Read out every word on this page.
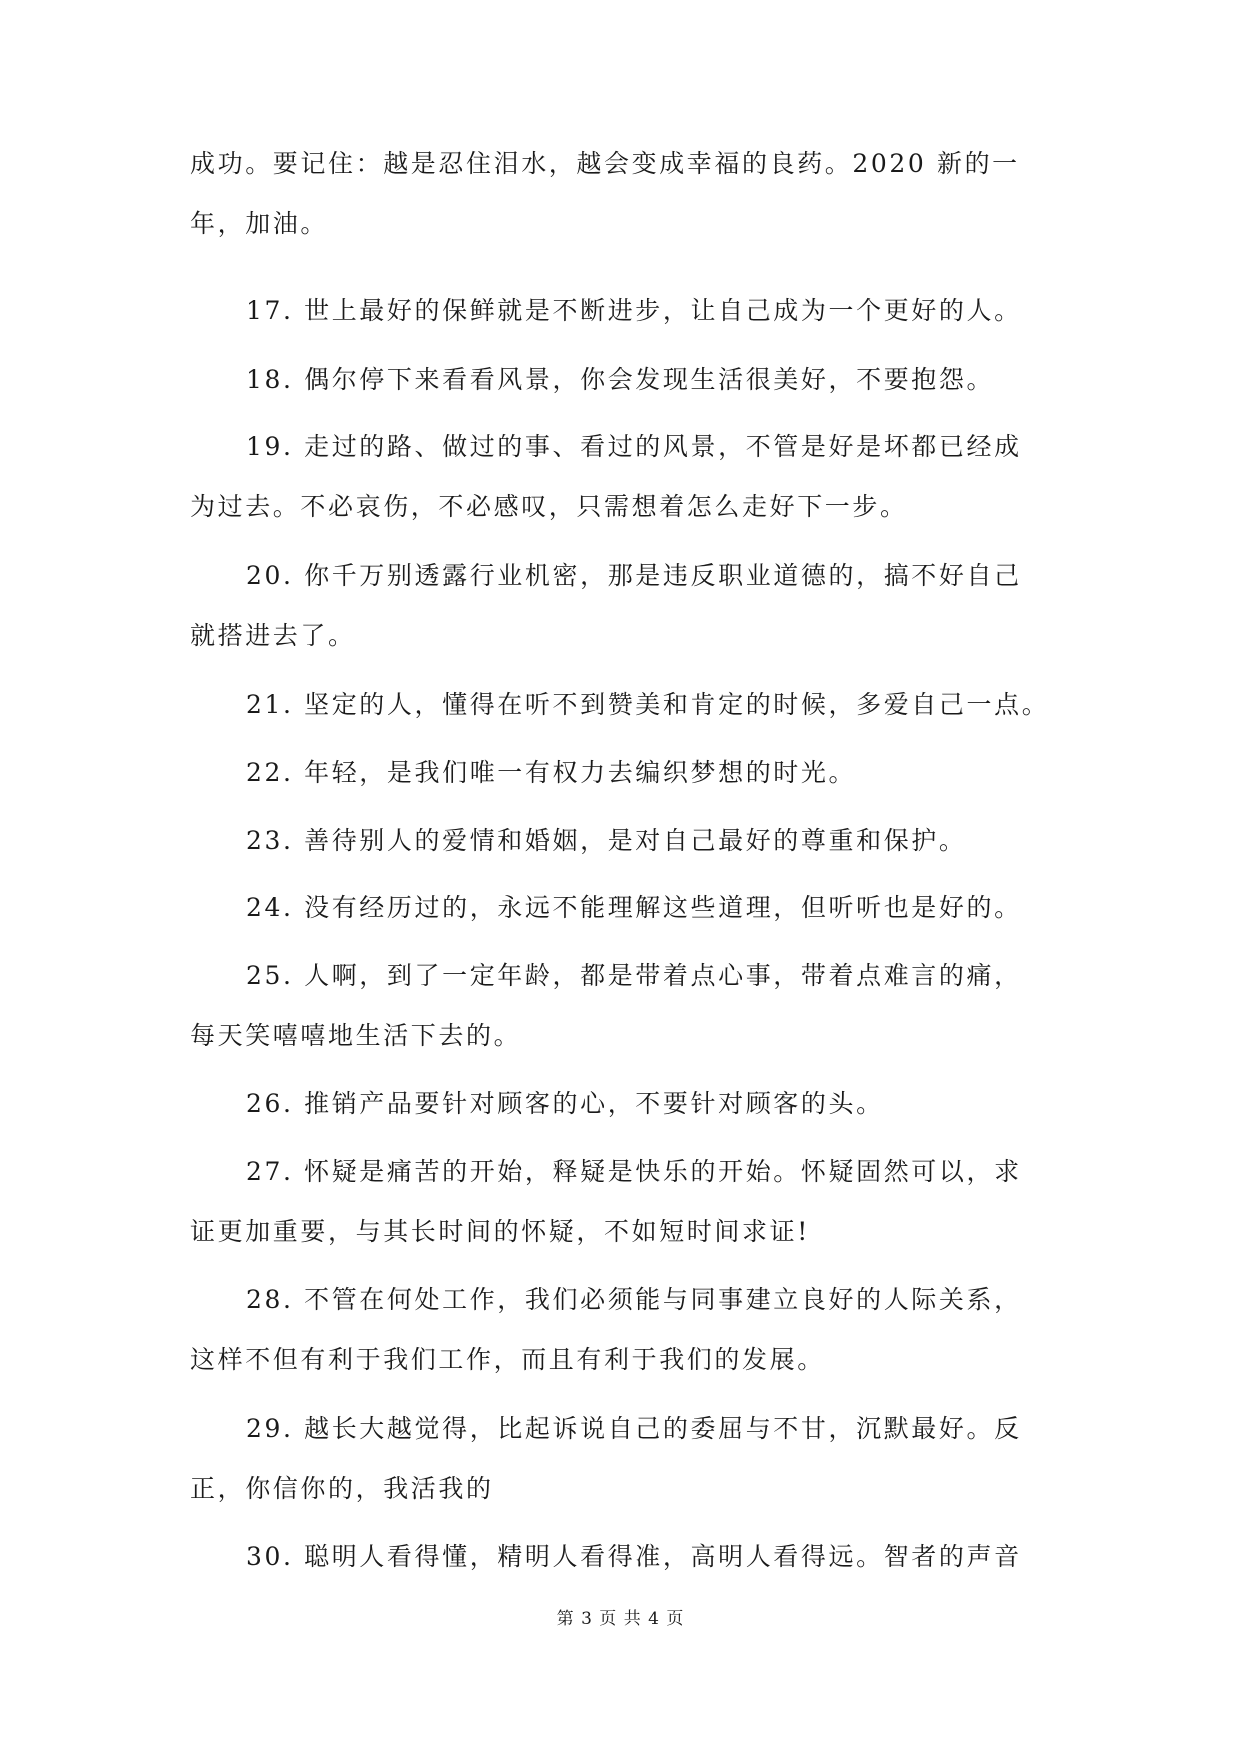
成功。要记住：越是忍住泪水，越会变成幸福的良药。2020 新的一
年，加油。
17. 世上最好的保鲜就是不断进步，让自己成为一个更好的人。
18. 偶尔停下来看看风景，你会发现生活很美好，不要抱怨。
19. 走过的路、做过的事、看过的风景，不管是好是坏都已经成
为过去。不必哀伤，不必感叹，只需想着怎么走好下一步。
20. 你千万别透露行业机密，那是违反职业道德的，搞不好自己
就搭进去了。
21. 坚定的人，懂得在听不到赞美和肯定的时候，多爱自己一点。
22. 年轻，是我们唯一有权力去编织梦想的时光。
23. 善待别人的爱情和婚姻，是对自己最好的尊重和保护。
24. 没有经历过的，永远不能理解这些道理，但听听也是好的。
25. 人啊，到了一定年龄，都是带着点心事，带着点难言的痛，
每天笑嘻嘻地生活下去的。
26. 推销产品要针对顾客的心，不要针对顾客的头。
27. 怀疑是痛苦的开始，释疑是快乐的开始。怀疑固然可以，求
证更加重要，与其长时间的怀疑，不如短时间求证!
28. 不管在何处工作，我们必须能与同事建立良好的人际关系，
这样不但有利于我们工作，而且有利于我们的发展。
29. 越长大越觉得，比起诉说自己的委屈与不甘，沉默最好。反
正，你信你的，我活我的
30. 聪明人看得懂，精明人看得准，高明人看得远。智者的声音
第 3 页 共 4 页
